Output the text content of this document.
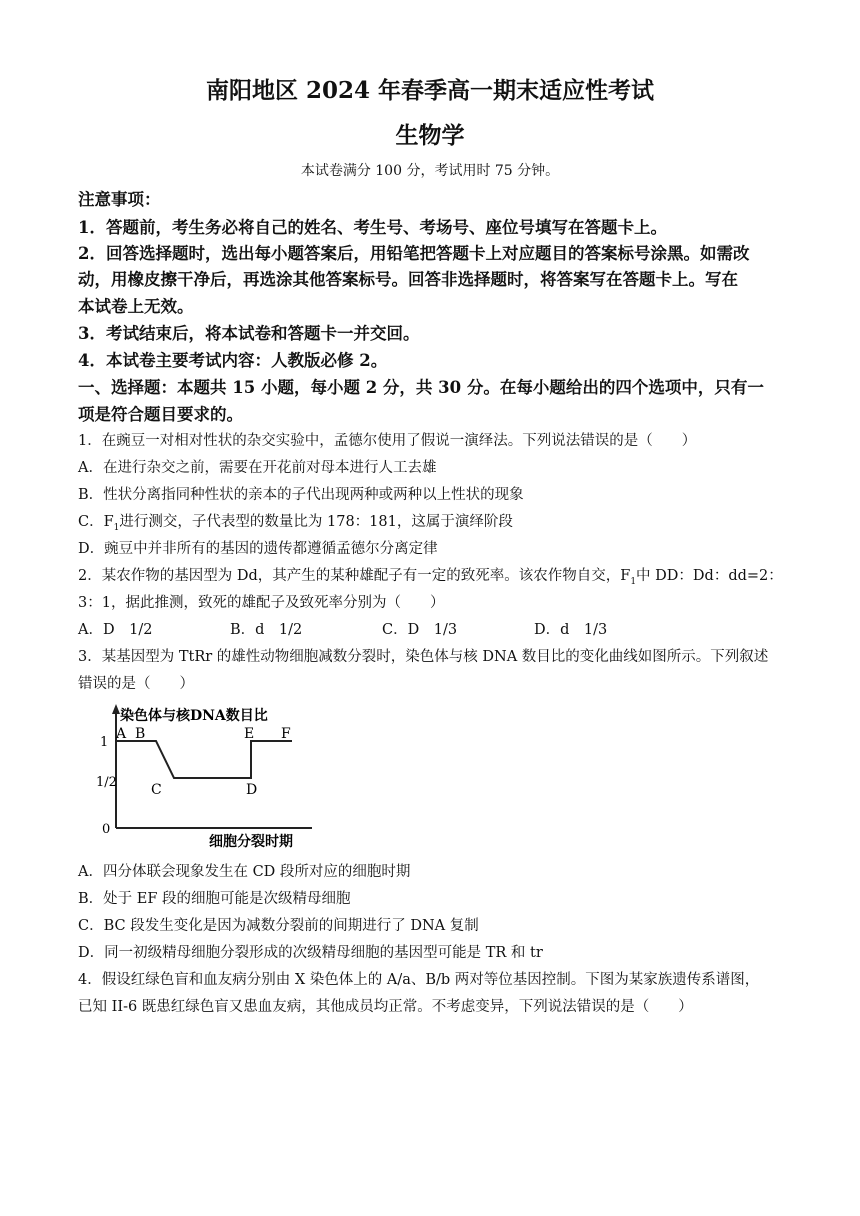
南阳地区 2024 年春季高一期末适应性考试
生物学
本试卷满分 100 分，考试用时 75 分钟。
注意事项：
1．答题前，考生务必将自己的姓名、考生号、考场号、座位号填写在答题卡上。
2．回答选择题时，选出每小题答案后，用铅笔把答题卡上对应题目的答案标号涂黑。如需改
动，用橡皮擦干净后，再选涂其他答案标号。回答非选择题时，将答案写在答题卡上。写在
本试卷上无效。
3．考试结束后，将本试卷和答题卡一并交回。
4．本试卷主要考试内容：人教版必修 2。
一、选择题：本题共 15 小题，每小题 2 分，共 30 分。在每小题给出的四个选项中，只有一
项是符合题目要求的。
1．在豌豆一对相对性状的杂交实验中，孟德尔使用了假说一演绎法。下列说法错误的是（　　）
A．在进行杂交之前，需要在开花前对母本进行人工去雄
B．性状分离指同种性状的亲本的子代出现两种或两种以上性状的现象
C．$F_1$进行测交，子代表型的数量比为 178：181，这属于演绎阶段
D．豌豆中并非所有的基因的遗传都遵循孟德尔分离定律
2．某农作物的基因型为 Dd，其产生的某种雄配子有一定的致死率。该农作物自交，$F_1$中 DD：Dd：dd=2：
3：1，据此推测，致死的雄配子及致死率分别为（　　）
A．D　1/2	B．d　1/2	C．D　1/3	D．d　1/3
3．某基因型为 TtRr 的雄性动物细胞减数分裂时，染色体与核 DNA 数目比的变化曲线如图所示。下列叙述
错误的是（　　）
染色体与核DNA数目比
细胞分裂时期
1
1/2
0
A B
C	D
E F
A．四分体联会现象发生在 CD 段所对应的细胞时期
B．处于 EF 段的细胞可能是次级精母细胞
C．BC 段发生变化是因为减数分裂前的间期进行了 DNA 复制
D．同一初级精母细胞分裂形成的次级精母细胞的基因型可能是 TR 和 tr
4．假设红绿色盲和血友病分别由 X 染色体上的 A/a、B/b 两对等位基因控制。下图为某家族遗传系谱图，
已知 II-6 既患红绿色盲又患血友病，其他成员均正常。不考虑变异，下列说法错误的是（　　）
